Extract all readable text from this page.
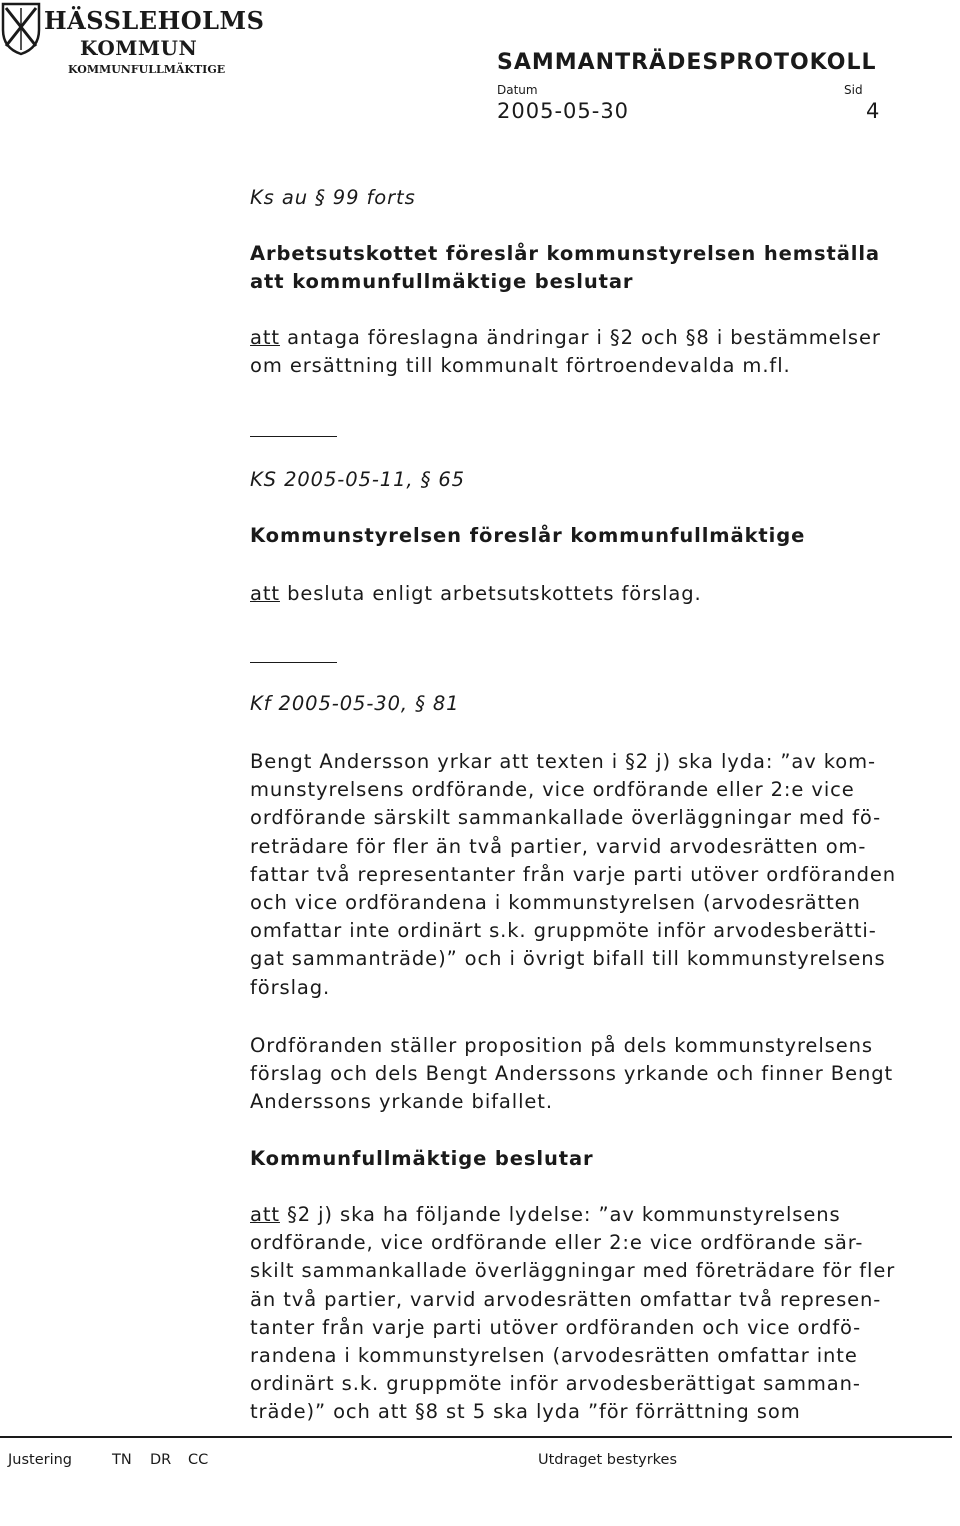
HÄSSLEHOLMS
KOMMUN
KOMMUNFULLMÄKTIGE	SAMMANTRÄDESPROTOKOLL
Datum	Sid
2005-05-30	4
Ks au § 99 forts
Arbetsutskottet föreslår kommunstyrelsen hemställa
att kommunfullmäktige beslutar
att antaga föreslagna ändringar i §2 och §8 i bestämmelser
om ersättning till kommunalt förtroendevalda m.fl.
KS 2005-05-11, § 65
Kommunstyrelsen föreslår kommunfullmäktige
att besluta enligt arbetsutskottets förslag.
Kf 2005-05-30, § 81
Bengt Andersson yrkar att texten i §2 j) ska lyda: ”av kom-
munstyrelsens ordförande, vice ordförande eller 2:e vice
ordförande särskilt sammankallade överläggningar med fö-
reträdare för fler än två partier, varvid arvodesrätten om-
fattar två representanter från varje parti utöver ordföranden
och vice ordförandena i kommunstyrelsen (arvodesrätten
omfattar inte ordinärt s.k. gruppmöte inför arvodesberätti-
gat sammanträde)” och i övrigt bifall till kommunstyrelsens
förslag.
Ordföranden ställer proposition på dels kommunstyrelsens
förslag och dels Bengt Anderssons yrkande och finner Bengt
Anderssons yrkande bifallet.
Kommunfullmäktige beslutar
att §2 j) ska ha följande lydelse: ”av kommunstyrelsens
ordförande, vice ordförande eller 2:e vice ordförande sär-
skilt sammankallade överläggningar med företrädare för fler
än två partier, varvid arvodesrätten omfattar två represen-
tanter från varje parti utöver ordföranden och vice ordfö-
randena i kommunstyrelsen (arvodesrätten omfattar inte
ordinärt s.k. gruppmöte inför arvodesberättigat samman-
träde)” och att §8 st 5 ska lyda ”för förrättning som
Justering	TN DR CC	Utdraget bestyrkes
